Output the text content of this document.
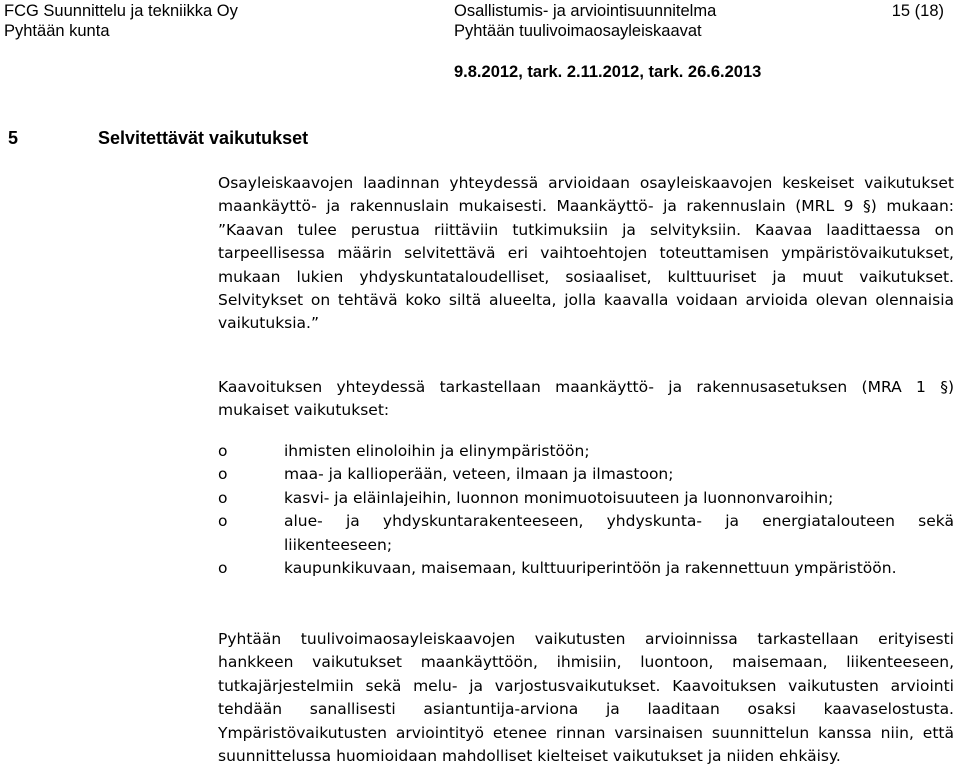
FCG Suunnittelu ja tekniikka Oy
Pyhtään kunta
Osallistumis- ja arviointisuunnitelma
Pyhtään tuulivoimaosayleiskaavat
15 (18)
9.8.2012, tark. 2.11.2012, tark. 26.6.2013
5	Selvitettävät vaikutukset

Osayleiskaavojen laadinnan yhteydessä arvioidaan osayleiskaavojen keskeiset vaikutukset maankäyttö- ja rakennuslain mukaisesti. Maankäyttö- ja rakennuslain (MRL 9 §) mukaan: ”Kaavan tulee perustua riittäviin tutkimuksiin ja selvityksiin. Kaavaa laadittaessa on tarpeellisessa määrin selvitettävä eri vaihtoehtojen toteuttamisen ympäristövaikutukset, mukaan lukien yhdyskuntataloudelliset, sosiaaliset, kulttuuriset ja muut vaikutukset. Selvitykset on tehtävä koko siltä alueelta, jolla kaavalla voidaan arvioida olevan olennaisia vaikutuksia.”

Kaavoituksen yhteydessä tarkastellaan maankäyttö- ja rakennusasetuksen (MRA 1 §) mukaiset vaikutukset:

o	ihmisten elinoloihin ja elinympäristöön;
o	maa- ja kallioperään, veteen, ilmaan ja ilmastoon;
o	kasvi- ja eläinlajeihin, luonnon monimuotoisuuteen ja luonnonvaroihin;
o	alue- ja yhdyskuntarakenteeseen, yhdyskunta- ja energiatalouteen sekä liikenteeseen;
o	kaupunkikuvaan, maisemaan, kulttuuriperintöön ja rakennettuun ympäristöön.

Pyhtään tuulivoimaosayleiskaavojen vaikutusten arvioinnissa tarkastellaan erityisesti hankkeen vaikutukset maankäyttöön, ihmisiin, luontoon, maisemaan, liikenteeseen, tutkajärjestelmiin sekä melu- ja varjostusvaikutukset. Kaavoituksen vaikutusten arviointi tehdään sanallisesti asiantuntija-arviona ja laaditaan osaksi kaavaselostusta. Ympäristövaikutusten arviointityö etenee rinnan varsinaisen suunnittelun kanssa niin, että suunnittelussa huomioidaan mahdolliset kielteiset vaikutukset ja niiden ehkäisy.
